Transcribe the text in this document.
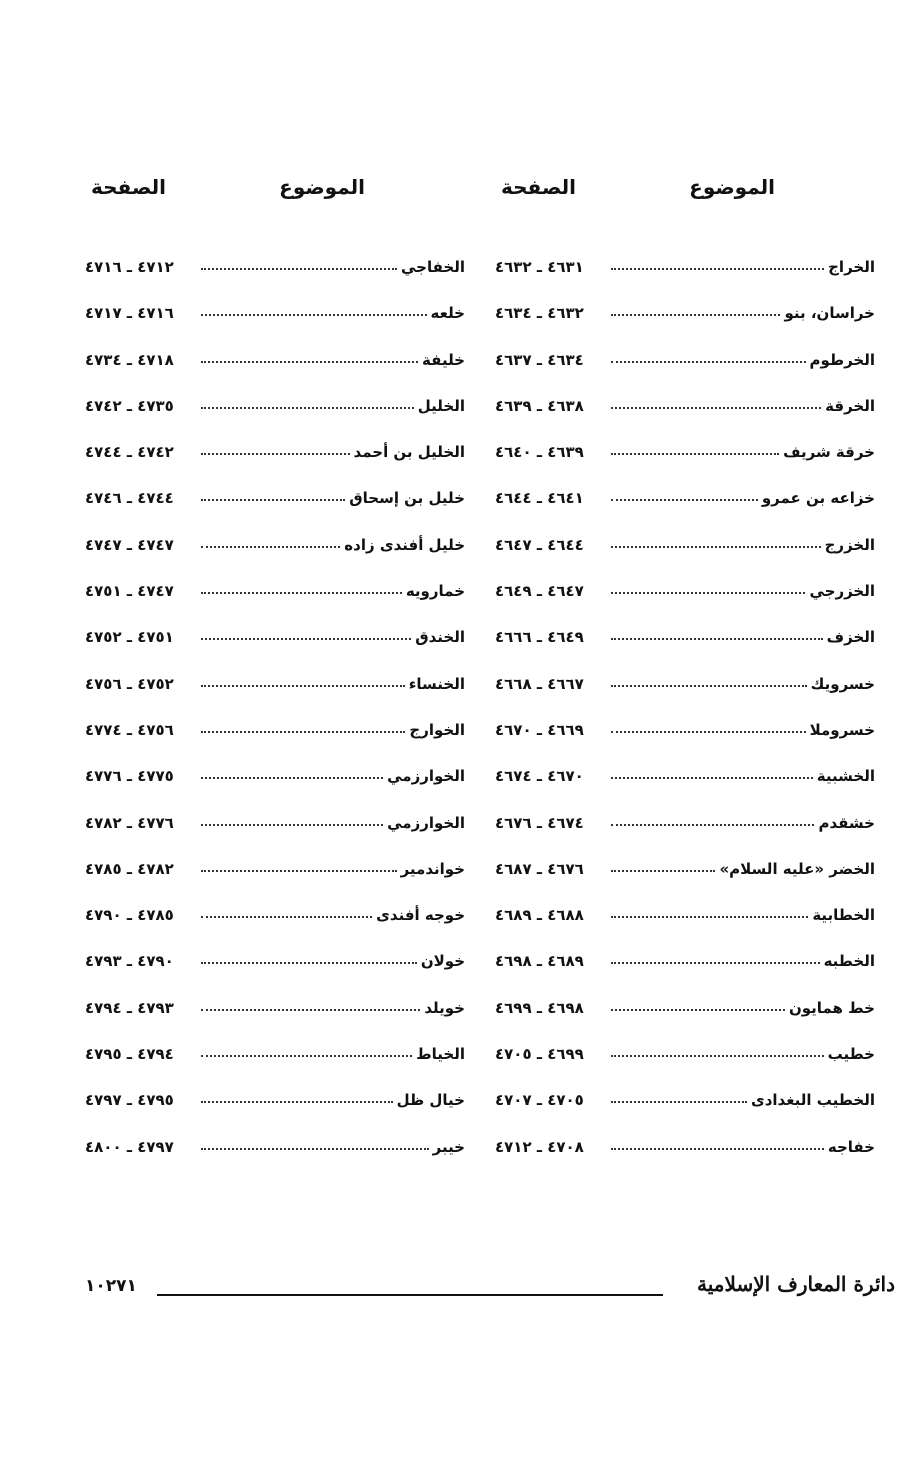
الموضوع
الصفحة
الخراج
٤٦٣١ ـ ٤٦٣٢
خراسان، بنو
٤٦٣٢ ـ ٤٦٣٤
الخرطوم
٤٦٣٤ ـ ٤٦٣٧
الخرقة
٤٦٣٨ ـ ٤٦٣٩
خرقة شريف
٤٦٣٩ ـ ٤٦٤٠
خزاعه بن عمرو
٤٦٤١ ـ ٤٦٤٤
الخزرج
٤٦٤٤ ـ ٤٦٤٧
الخزرجي
٤٦٤٧ ـ ٤٦٤٩
الخزف
٤٦٤٩ ـ ٤٦٦٦
خسرويك
٤٦٦٧ ـ ٤٦٦٨
خسروملا
٤٦٦٩ ـ ٤٦٧٠
الخشبية
٤٦٧٠ ـ ٤٦٧٤
خشقدم
٤٦٧٤ ـ ٤٦٧٦
الخضر «عليه السلام»
٤٦٧٦ ـ ٤٦٨٧
الخطابية
٤٦٨٨ ـ ٤٦٨٩
الخطبه
٤٦٨٩ ـ ٤٦٩٨
خط همايون
٤٦٩٨ ـ ٤٦٩٩
خطيب
٤٦٩٩ ـ ٤٧٠٥
الخطيب البغدادى
٤٧٠٥ ـ ٤٧٠٧
خفاجه
٤٧٠٨ ـ ٤٧١٢
الموضوع
الصفحة
الخفاجي
٤٧١٢ ـ ٤٧١٦
خلعه
٤٧١٦ ـ ٤٧١٧
خليفة
٤٧١٨ ـ ٤٧٣٤
الخليل
٤٧٣٥ ـ ٤٧٤٢
الخليل بن أحمد
٤٧٤٢ ـ ٤٧٤٤
خليل بن إسحاق
٤٧٤٤ ـ ٤٧٤٦
خليل أفندى زاده
٤٧٤٧ ـ ٤٧٤٧
خمارويه
٤٧٤٧ ـ ٤٧٥١
الخندق
٤٧٥١ ـ ٤٧٥٢
الخنساء
٤٧٥٢ ـ ٤٧٥٦
الخوارج
٤٧٥٦ ـ ٤٧٧٤
الخوارزمي
٤٧٧٥ ـ ٤٧٧٦
الخوارزمي
٤٧٧٦ ـ ٤٧٨٢
خواندمير
٤٧٨٢ ـ ٤٧٨٥
خوجه أفندى
٤٧٨٥ ـ ٤٧٩٠
خولان
٤٧٩٠ ـ ٤٧٩٣
خويلد
٤٧٩٣ ـ ٤٧٩٤
الخياط
٤٧٩٤ ـ ٤٧٩٥
خيال ظل
٤٧٩٥ ـ ٤٧٩٧
خيبر
٤٧٩٧ ـ ٤٨٠٠
دائرة المعارف الإسلامية
١٠٢٧١
